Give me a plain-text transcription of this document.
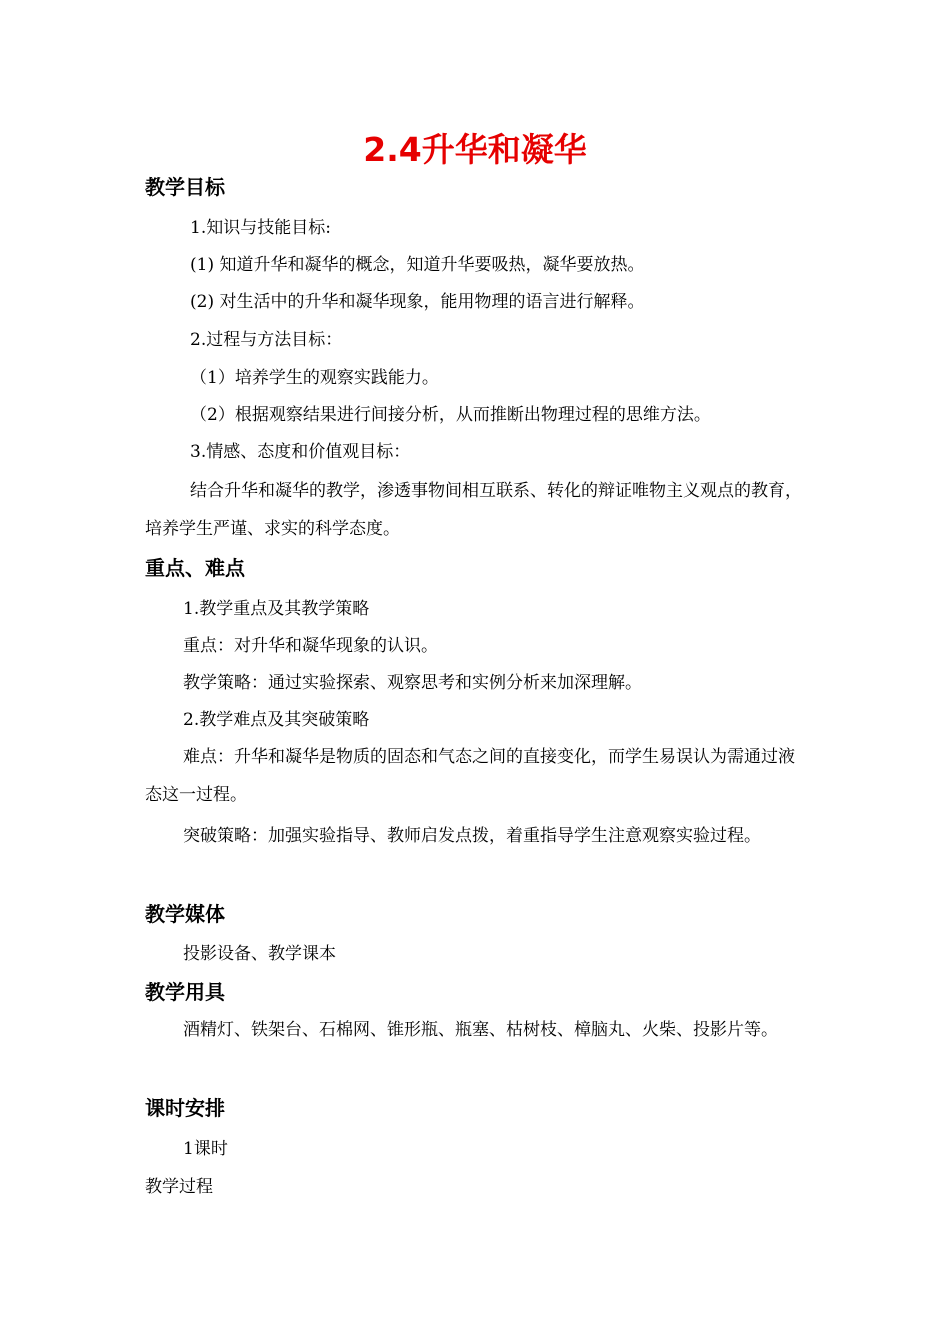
2.4升华和凝华
教学目标
1.知识与技能目标:
(1) 知道升华和凝华的概念，知道升华要吸热，凝华要放热。
(2) 对生活中的升华和凝华现象，能用物理的语言进行解释。
2.过程与方法目标：
（1）培养学生的观察实践能力。
（2）根据观察结果进行间接分析，从而推断出物理过程的思维方法。
3.情感、态度和价值观目标：

结合升华和凝华的教学，渗透事物间相互联系、转化的辩证唯物主义观点的教育，培养学生严谨、求实的科学态度。

重点、难点
1.教学重点及其教学策略
重点：对升华和凝华现象的认识。
教学策略：通过实验探索、观察思考和实例分析来加深理解。
2.教学难点及其突破策略

难点：升华和凝华是物质的固态和气态之间的直接变化，而学生易误认为需通过液态这一过程。

突破策略：加强实验指导、教师启发点拨，着重指导学生注意观察实验过程。

教学媒体
投影设备、教学课本
教学用具

酒精灯、铁架台、石棉网、锥形瓶、瓶塞、枯树枝、樟脑丸、火柴、投影片等。

课时安排
1课时
教学过程
